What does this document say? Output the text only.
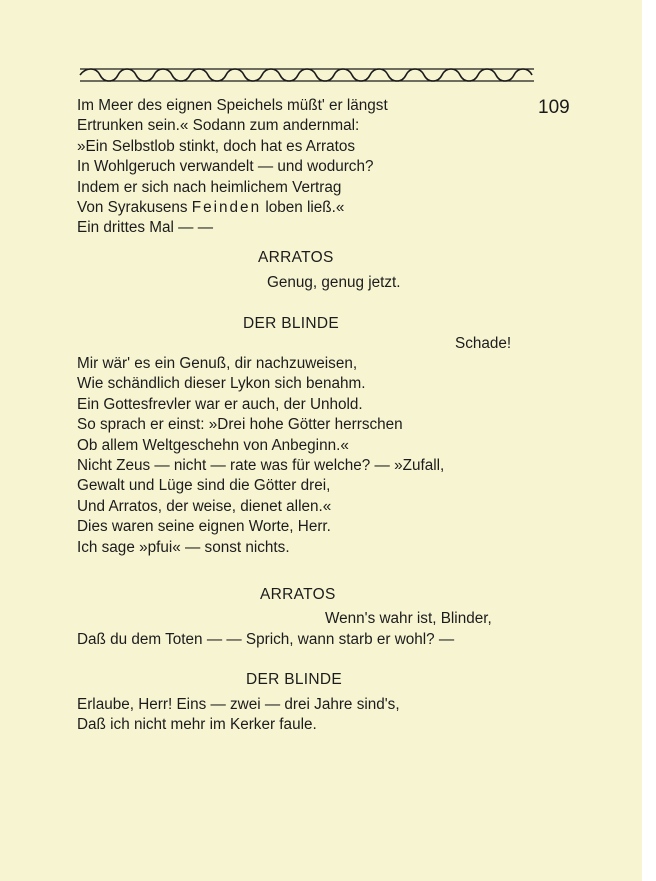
109
Im Meer des eignen Speichels müßt' er längst
Ertrunken sein.« Sodann zum andernmal:
»Ein Selbstlob stinkt, doch hat es Arratos
In Wohlgeruch verwandelt — und wodurch?
Indem er sich nach heimlichem Vertrag
Von Syrakusens Feinden loben ließ.«
Ein drittes Mal — —
ARRATOS
Genug, genug jetzt.
DER BLINDE
Schade!
Mir wär' es ein Genuß, dir nachzuweisen,
Wie schändlich dieser Lykon sich benahm.
Ein Gottesfrevler war er auch, der Unhold.
So sprach er einst: »Drei hohe Götter herrschen
Ob allem Weltgeschehn von Anbeginn.«
Nicht Zeus — nicht — rate was für welche? — »Zufall,
Gewalt und Lüge sind die Götter drei,
Und Arratos, der weise, dienet allen.«
Dies waren seine eignen Worte, Herr.
Ich sage »pfui« — sonst nichts.
ARRATOS
Wenn's wahr ist, Blinder,
Daß du dem Toten — — Sprich, wann starb er wohl? —
DER BLINDE
Erlaube, Herr! Eins — zwei — drei Jahre sind's,
Daß ich nicht mehr im Kerker faule.
